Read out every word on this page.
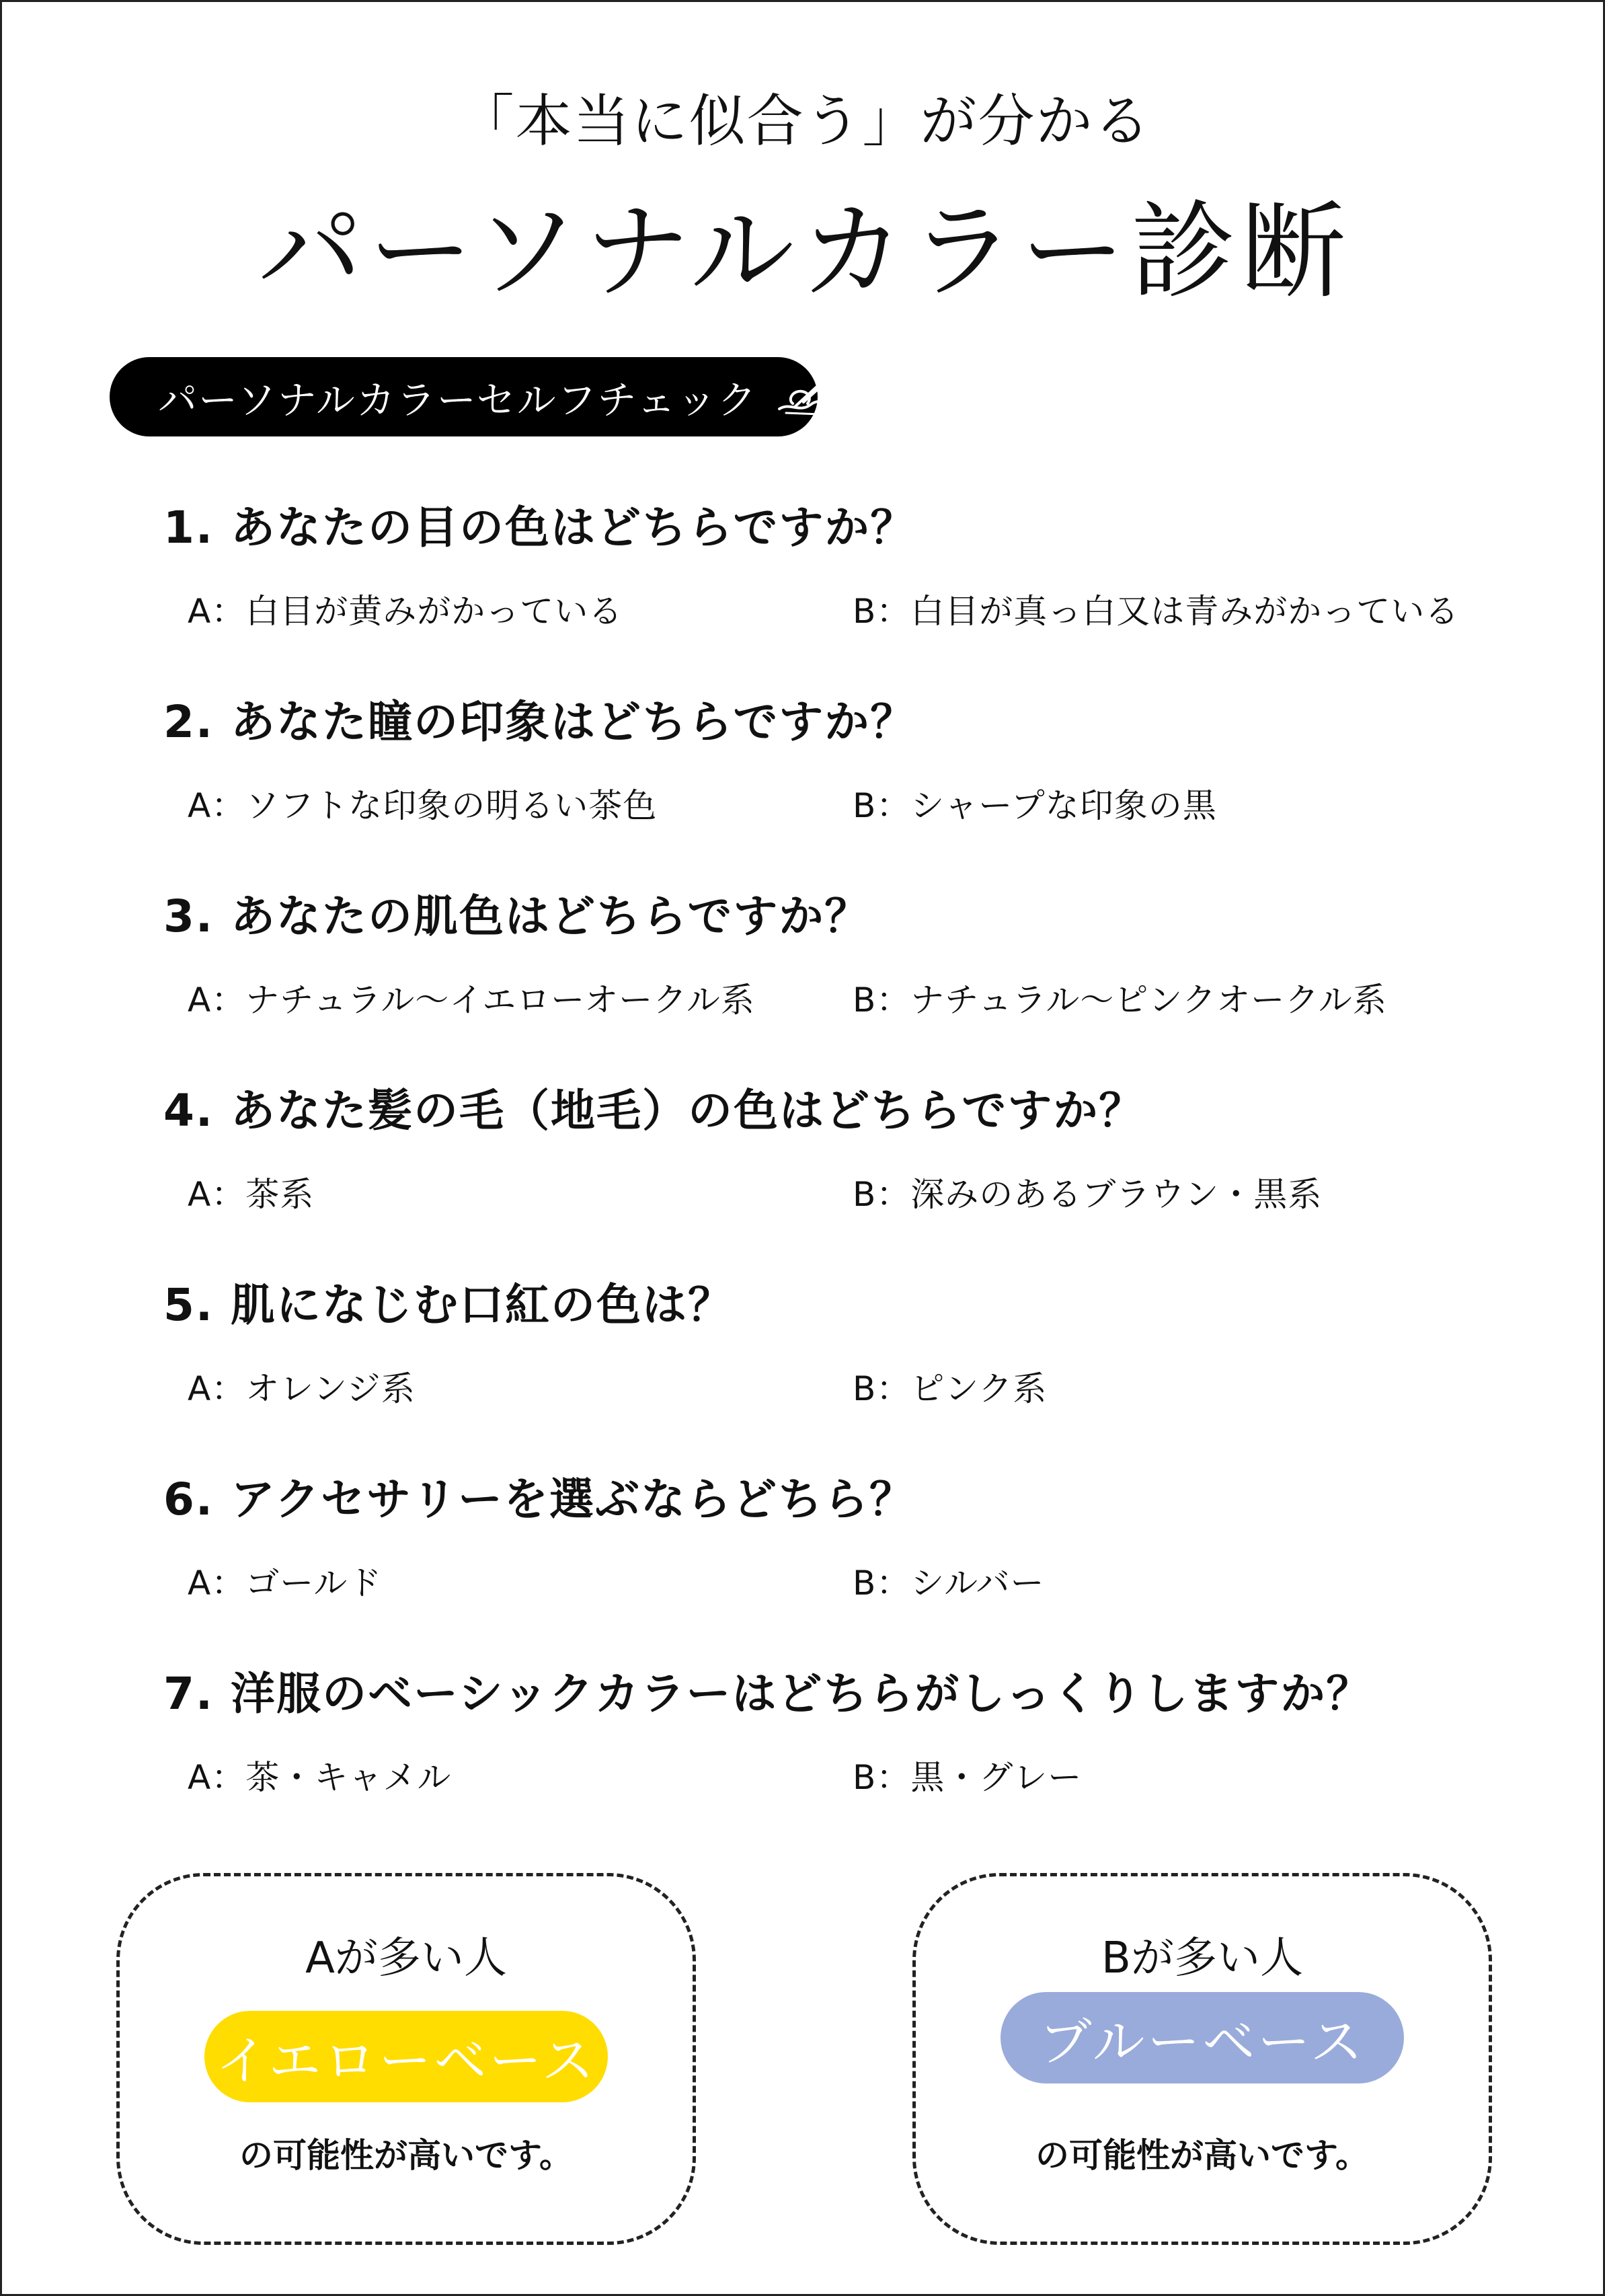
「本当に似合う」が分かる
パーソナルカラー診断
パーソナルカラーセルフチェック
1. あなたの目の色はどちらですか？
A：白目が黄みがかっている	B：白目が真っ白又は青みがかっている
2. あなた瞳の印象はどちらですか？
A：ソフトな印象の明るい茶色	B：シャープな印象の黒
3. あなたの肌色はどちらですか？
A：ナチュラル〜イエローオークル系	B：ナチュラル〜ピンクオークル系
4. あなた髪の毛（地毛）の色はどちらですか？
A：茶系	B：深みのあるブラウン・黒系
5. 肌になじむ口紅の色は？
A：オレンジ系	B：ピンク系
6. アクセサリーを選ぶならどちら？
A：ゴールド	B：シルバー
7. 洋服のベーシックカラーはどちらがしっくりしますか？
A：茶・キャメル	B：黒・グレー
Aが多い人
イエローベース
の可能性が高いです。
Bが多い人
ブルーベース
の可能性が高いです。
